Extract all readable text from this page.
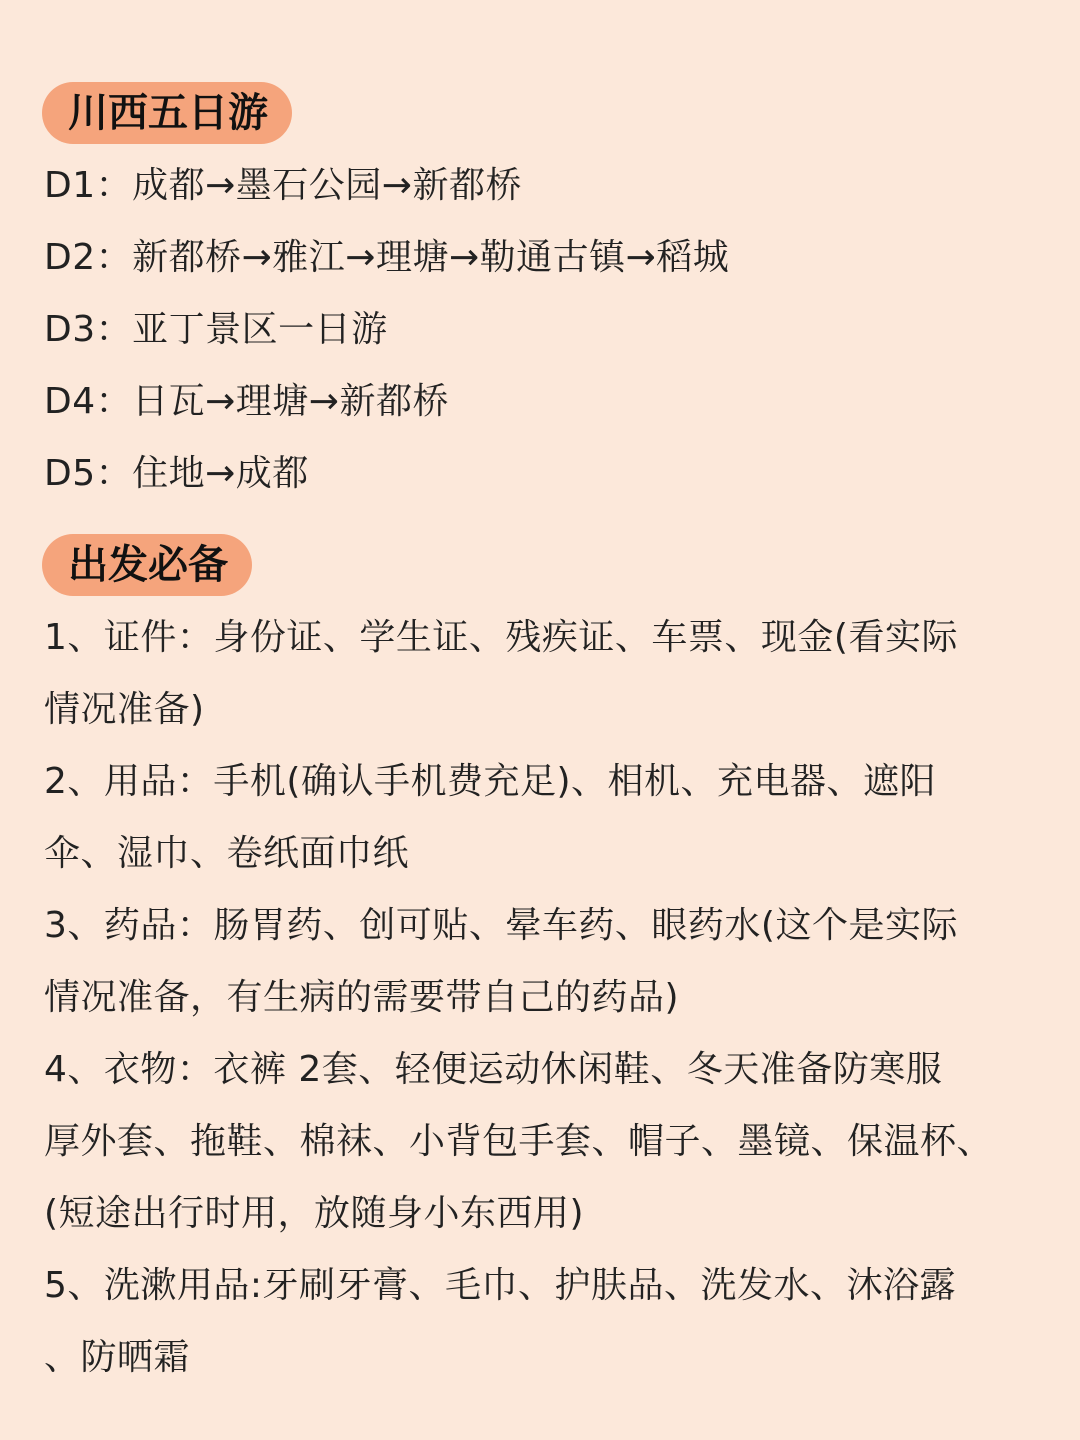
川西五日游
D1：成都→墨石公园→新都桥
D2：新都桥→雅江→理塘→勒通古镇→稻城
D3：亚丁景区一日游
D4：日瓦→理塘→新都桥
D5：住地→成都
出发必备
1、证件：身份证、学生证、残疾证、车票、现金(看实际
情况准备)
2、用品：手机(确认手机费充足)、相机、充电器、遮阳
伞、湿巾、卷纸面巾纸
3、药品：肠胃药、创可贴、晕车药、眼药水(这个是实际
情况准备，有生病的需要带自己的药品)
4、衣物：衣裤 2套、轻便运动休闲鞋、冬天准备防寒服
厚外套、拖鞋、棉袜、小背包手套、帽子、墨镜、保温杯、
(短途出行时用，放随身小东西用)
5、洗漱用品:牙刷牙膏、毛巾、护肤品、洗发水、沐浴露
、防晒霜
